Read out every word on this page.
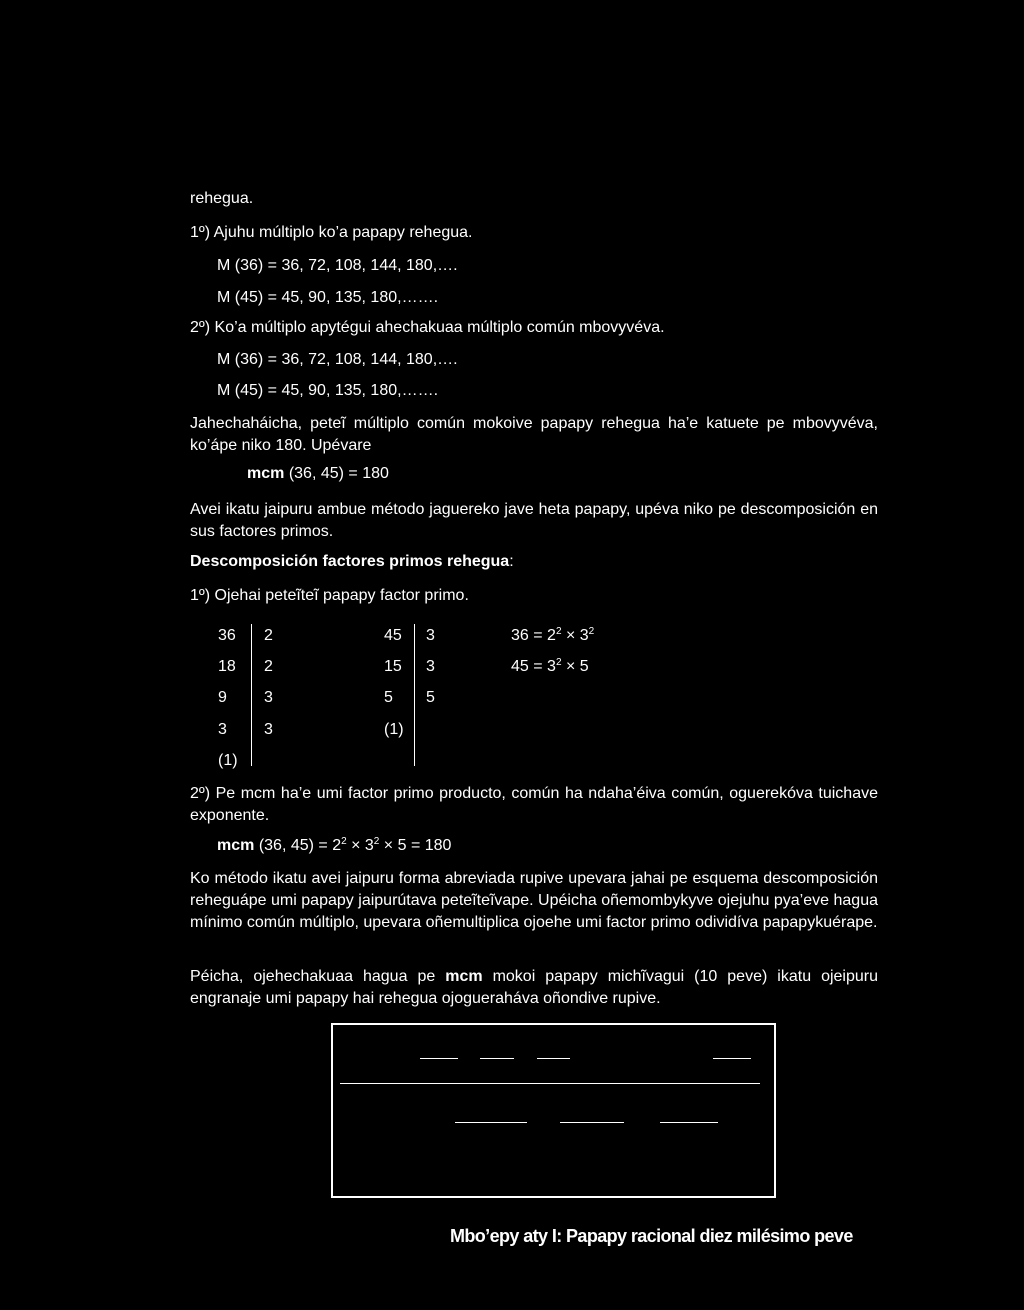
rehegua.
1º) Ajuhu múltiplo ko’a papapy rehegua.
M (36) = 36, 72, 108, 144, 180,….
M (45) = 45, 90, 135, 180,…….
2º) Ko’a múltiplo apytégui ahechakuaa múltiplo común mbovyvéva.
M (36) = 36, 72, 108, 144, 180,….
M (45) = 45, 90, 135, 180,…….
Jahechaháicha, peteĩ múltiplo común mokoive papapy rehegua ha’e katuete pe mbovyvéva, ko’ápe niko 180. Upévare
mcm (36, 45) = 180
Avei ikatu jaipuru ambue método jaguereko jave heta papapy, upéva niko pe descomposición en sus factores primos.
Descomposición factores primos rehegua:
1º) Ojehai peteĩteĩ papapy factor primo.
36
18
9
3
(1)
2
2
3
3
45
15
5
(1)
3
3
5
$36 = 2^2 \times 3^2$
$45 = 3^2 \times 5$
2º) Pe mcm ha’e umi factor primo producto, común ha ndaha’éiva común, oguerekóva tuichave exponente.
mcm (36, $45) = 2^2 \times 3^2 \times 5 = 180$
Ko método ikatu avei jaipuru forma abreviada rupive upevara jahai pe esquema descomposición reheguápe umi papapy jaipurútava peteĩteĩvape. Upéicha oñemombykyve ojejuhu pya’eve hagua mínimo común múltiplo, upevara oñemultiplica ojoehe umi factor primo odividíva papapykuérape.
Péicha, ojehechakuaa hagua pe mcm mokoi papapy michĩvagui (10 peve) ikatu ojeipuru engranaje umi papapy hai rehegua ojogueraháva oñondive rupive.
Mbo’epy aty I: Papapy racional diez milésimo peve
